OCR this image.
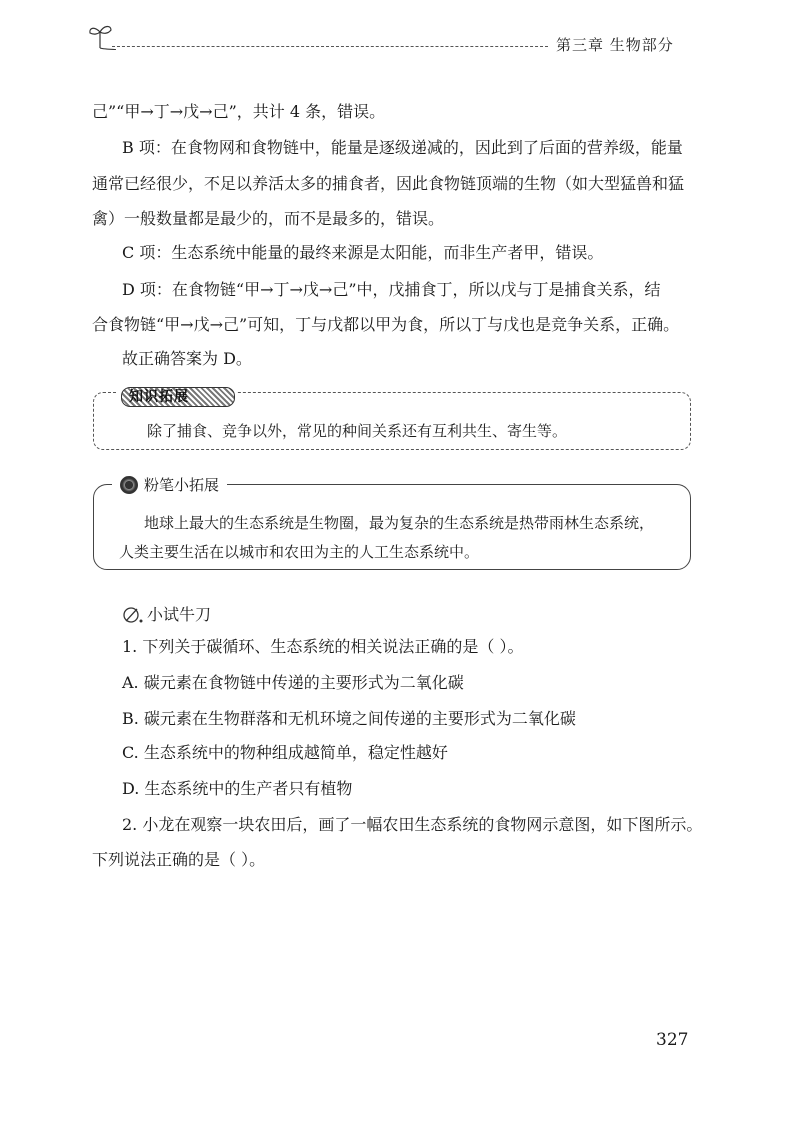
第三章 生物部分
己”“甲→丁→戊→己”，共计 4 条，错误。
B 项：在食物网和食物链中，能量是逐级递减的，因此到了后面的营养级，能量
通常已经很少，不足以养活太多的捕食者，因此食物链顶端的生物（如大型猛兽和猛
禽）一般数量都是最少的，而不是最多的，错误。
C 项：生态系统中能量的最终来源是太阳能，而非生产者甲，错误。
D 项：在食物链“甲→丁→戊→己”中，戊捕食丁，所以戊与丁是捕食关系，结
合食物链“甲→戊→己”可知，丁与戊都以甲为食，所以丁与戊也是竞争关系，正确。
故正确答案为 D。
知识拓展
除了捕食、竞争以外，常见的种间关系还有互利共生、寄生等。
粉笔小拓展
地球上最大的生态系统是生物圈，最为复杂的生态系统是热带雨林生态系统，
人类主要生活在以城市和农田为主的人工生态系统中。
小试牛刀
1. 下列关于碳循环、生态系统的相关说法正确的是（ ）。
A. 碳元素在食物链中传递的主要形式为二氧化碳
B. 碳元素在生物群落和无机环境之间传递的主要形式为二氧化碳
C. 生态系统中的物种组成越简单，稳定性越好
D. 生态系统中的生产者只有植物
2. 小龙在观察一块农田后，画了一幅农田生态系统的食物网示意图，如下图所示。
下列说法正确的是（ ）。
327
